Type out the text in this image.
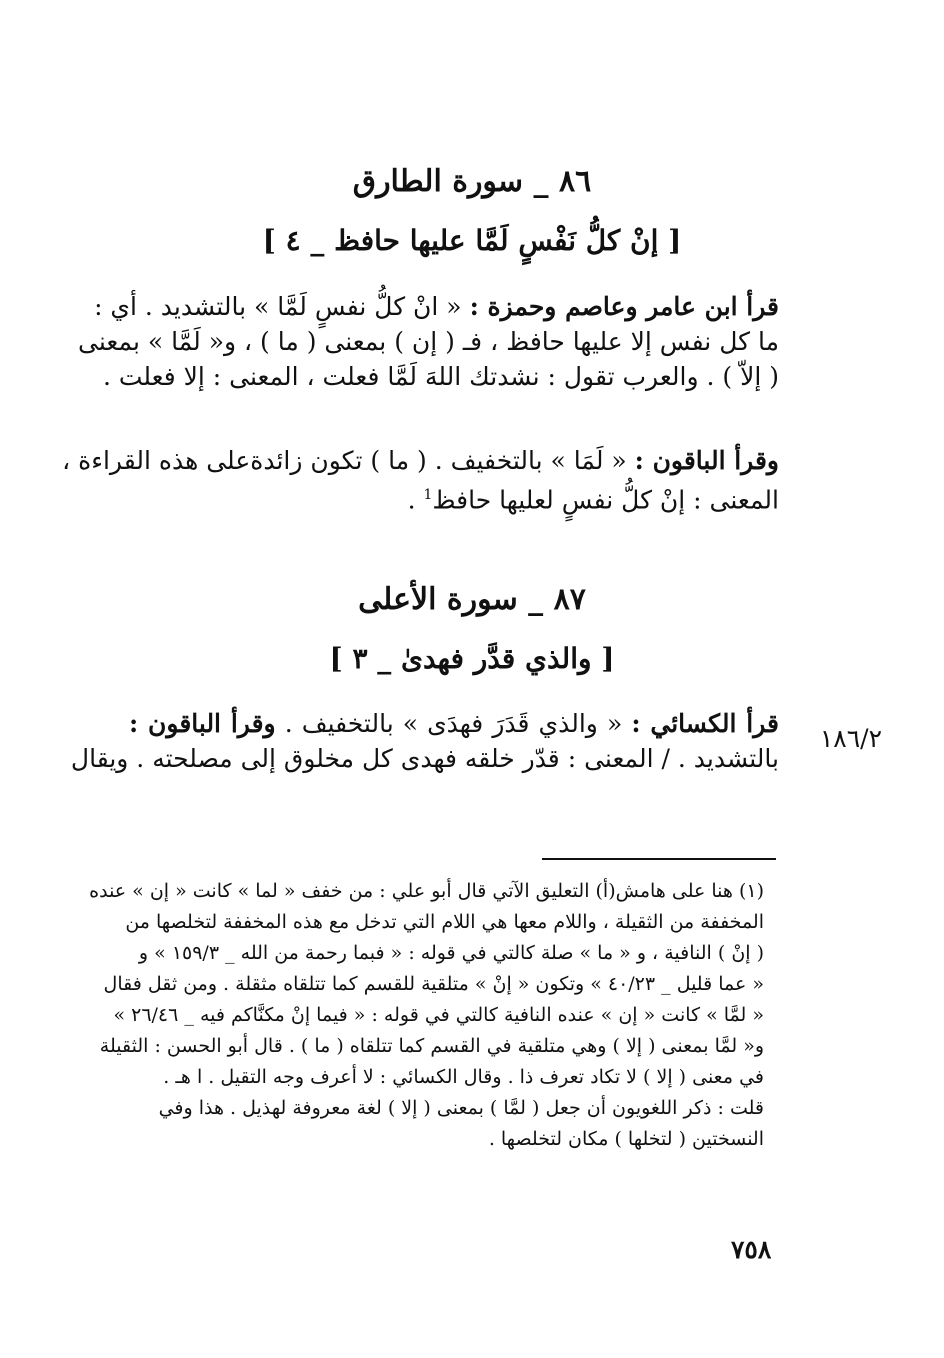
٨٦ _ سورة الطارق
[ إنْ كلُّ نَفْسٍ لَمَّا عليها حافظ _ ٤ ]
قرأ ابن عامر وعاصم وحمزة : « انْ كلُّ نفسٍ لَمَّا » بالتشديد . أي :
ما كل نفس إلا عليها حافظ ، فـ ( إن ) بمعنى ( ما ) ، و« لَمَّا » بمعنى
( إلاّ ) . والعرب تقول : نشدتك اللهَ لَمَّا فعلت ، المعنى : إلا فعلت .
وقرأ الباقون : « لَمَا » بالتخفيف . ( ما ) تكون زائدةعلى هذه القراءة ،
المعنى : إنْ كلُّ نفسٍ لعليها حافظ$^1$ .
٨٧ _ سورة الأعلى
[ والذي قدَّر فهدىٰ _ ٣ ]
قرأ الكسائي : « والذي قَدَرَ فهدَى » بالتخفيف . وقرأ الباقون :
بالتشديد . / المعنى : قدّر خلقه فهدى كل مخلوق إلى مصلحته . ويقال
١٨٦/٢
(١) هنا على هامش(أ) التعليق الآتي قال أبو علي : من خفف « لما » كانت « إن » عنده
المخففة من الثقيلة ، واللام معها هي اللام التي تدخل مع هذه المخففة لتخلصها من
( إنْ ) النافية ، و « ما » صلة كالتي في قوله : « فبما رحمة من الله _ ١٥٩/٣ » و
« عما قليل _ ٤٠/٢٣ » وتكون « إنْ » متلقية للقسم كما تتلقاه مثقلة . ومن ثقل فقال
« لمَّا » كانت « إن » عنده النافية كالتي في قوله : « فيما إنْ مكنَّاكم فيه _ ٢٦/٤٦ »
و« لمَّا بمعنى ( إلا ) وهي متلقية في القسم كما تتلقاه ( ما ) . قال أبو الحسن : الثقيلة
في معنى ( إلا ) لا تكاد تعرف ذا . وقال الكسائي : لا أعرف وجه التقيل . ا هـ .
قلت : ذكر اللغويون أن جعل ( لمَّا ) بمعنى ( إلا ) لغة معروفة لهذيل . هذا وفي
النسختين ( لتخلها ) مكان لتخلصها .
٧٥٨
